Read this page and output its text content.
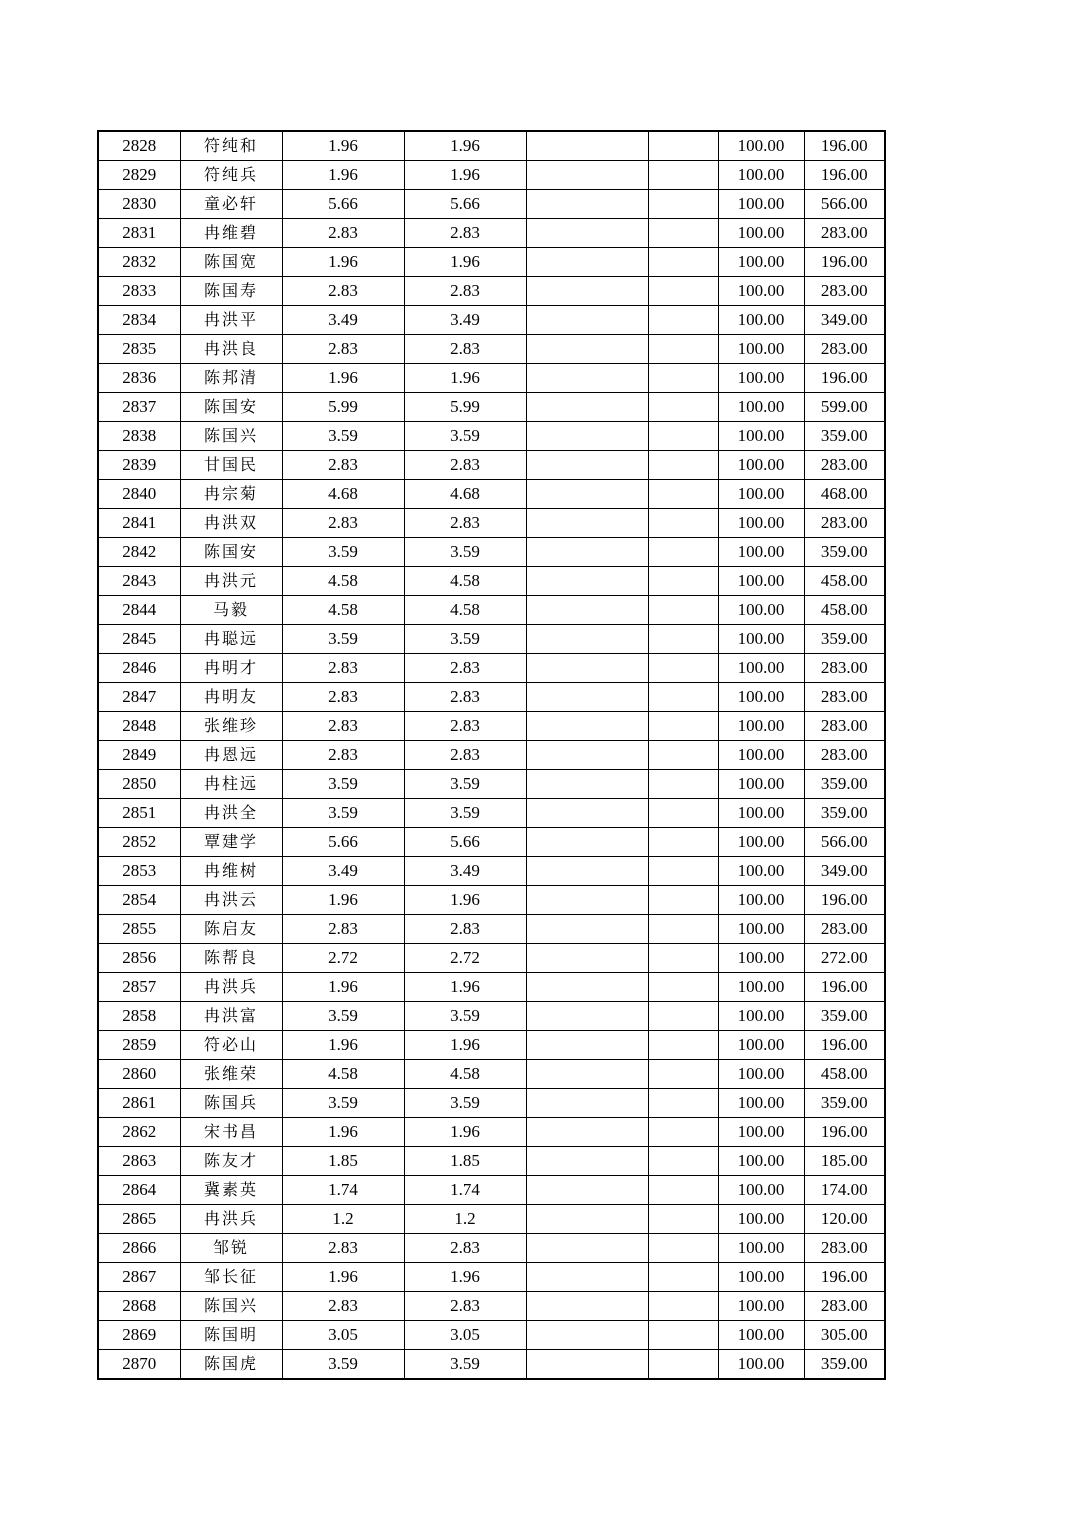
2828	符纯和	1.96	1.96			100.00	196.00
2829	符纯兵	1.96	1.96			100.00	196.00
2830	童必轩	5.66	5.66			100.00	566.00
2831	冉维碧	2.83	2.83			100.00	283.00
2832	陈国宽	1.96	1.96			100.00	196.00
2833	陈国寿	2.83	2.83			100.00	283.00
2834	冉洪平	3.49	3.49			100.00	349.00
2835	冉洪良	2.83	2.83			100.00	283.00
2836	陈邦清	1.96	1.96			100.00	196.00
2837	陈国安	5.99	5.99			100.00	599.00
2838	陈国兴	3.59	3.59			100.00	359.00
2839	甘国民	2.83	2.83			100.00	283.00
2840	冉宗菊	4.68	4.68			100.00	468.00
2841	冉洪双	2.83	2.83			100.00	283.00
2842	陈国安	3.59	3.59			100.00	359.00
2843	冉洪元	4.58	4.58			100.00	458.00
2844	马毅	4.58	4.58			100.00	458.00
2845	冉聪远	3.59	3.59			100.00	359.00
2846	冉明才	2.83	2.83			100.00	283.00
2847	冉明友	2.83	2.83			100.00	283.00
2848	张维珍	2.83	2.83			100.00	283.00
2849	冉恩远	2.83	2.83			100.00	283.00
2850	冉柱远	3.59	3.59			100.00	359.00
2851	冉洪全	3.59	3.59			100.00	359.00
2852	覃建学	5.66	5.66			100.00	566.00
2853	冉维树	3.49	3.49			100.00	349.00
2854	冉洪云	1.96	1.96			100.00	196.00
2855	陈启友	2.83	2.83			100.00	283.00
2856	陈帮良	2.72	2.72			100.00	272.00
2857	冉洪兵	1.96	1.96			100.00	196.00
2858	冉洪富	3.59	3.59			100.00	359.00
2859	符必山	1.96	1.96			100.00	196.00
2860	张维荣	4.58	4.58			100.00	458.00
2861	陈国兵	3.59	3.59			100.00	359.00
2862	宋书昌	1.96	1.96			100.00	196.00
2863	陈友才	1.85	1.85			100.00	185.00
2864	冀素英	1.74	1.74			100.00	174.00
2865	冉洪兵	1.2	1.2			100.00	120.00
2866	邹锐	2.83	2.83			100.00	283.00
2867	邹长征	1.96	1.96			100.00	196.00
2868	陈国兴	2.83	2.83			100.00	283.00
2869	陈国明	3.05	3.05			100.00	305.00
2870	陈国虎	3.59	3.59			100.00	359.00
